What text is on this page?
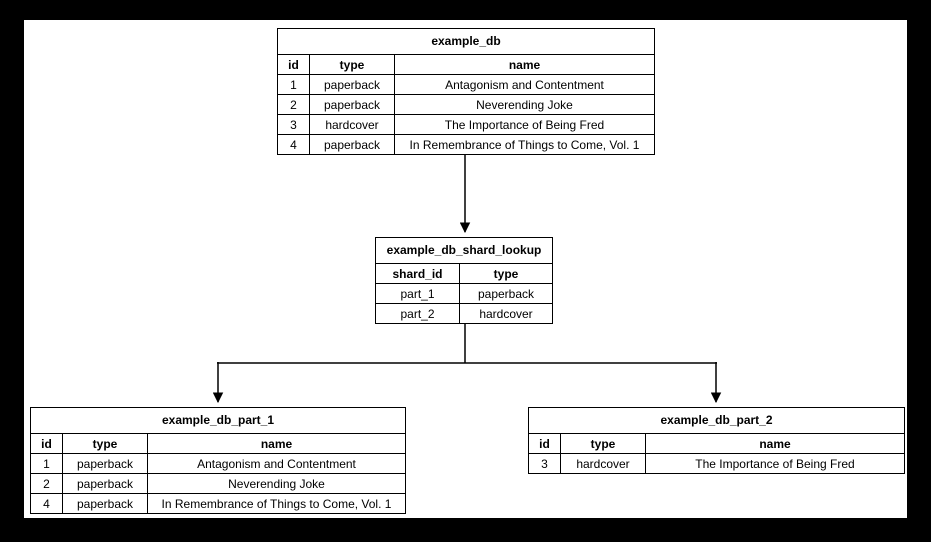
example_db
id	type	name
1	paperback	Antagonism and Contentment
2	paperback	Neverending Joke
3	hardcover	The Importance of Being Fred
4	paperback	In Remembrance of Things to Come, Vol. 1
example_db_shard_lookup
shard_id	type
part_1	paperback
part_2	hardcover
example_db_part_1
id	type	name
1	paperback	Antagonism and Contentment
2	paperback	Neverending Joke
4	paperback	In Remembrance of Things to Come, Vol. 1
example_db_part_2
id	type	name
3	hardcover	The Importance of Being Fred
